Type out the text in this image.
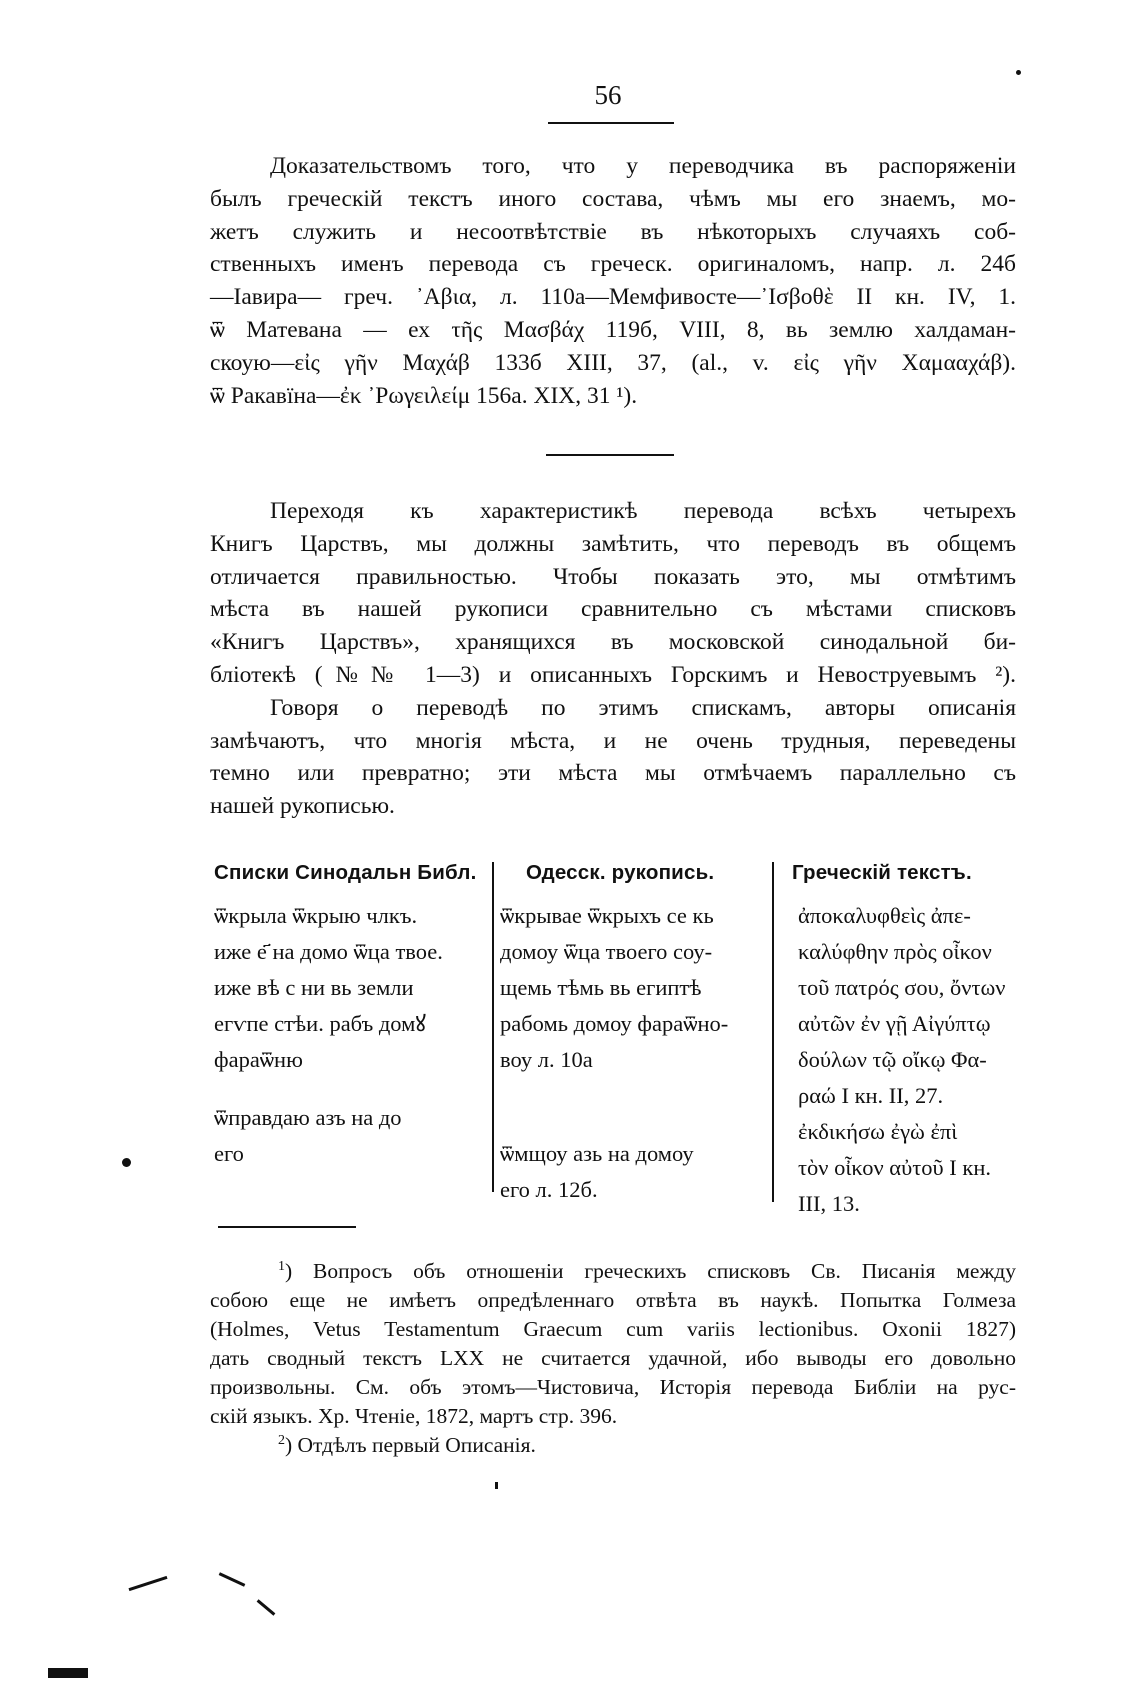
56
Доказательствомъ того, что у переводчика въ распоряженіи
былъ греческій текстъ иного состава, чѣмъ мы его знаемъ, мо-
жетъ служить и несоотвѣтствіе въ нѣкоторыхъ случаяхъ соб-
ственныхъ именъ перевода съ греческ. оригиналомъ, напр. л. 24б
—Іавира— греч. ᾿Αβια, л. 110а—Мемфивосте—᾿Ισβοθὲ II кн. IV, 1.
ѿ Матевана — ех τῆς Μασβάχ 119б, VIII, 8, вь землю халдаман-
скоую—εἰς γῆν Μαχάβ 133б XIII, 37, (al., v. εἰς γῆν Χαμααχάβ).
ѿ Ракавїна—ἐκ ᾿Ρωγειλείμ 156а. XIX, 31 ¹).
Переходя къ характеристикѣ перевода всѣхъ четырехъ
Книгъ Царствъ, мы должны замѣтить, что переводъ въ общемъ
отличается правильностью. Чтобы показать это, мы отмѣтимъ
мѣста въ нашей рукописи сравнительно съ мѣстами списковъ
«Книгъ Царствъ», хранящихся въ московской синодальной би-
бліотекѣ (№№ 1—3) и описанныхъ Горскимъ и Невоструевымъ ²).
Говоря о переводѣ по этимъ спискамъ, авторы описанія
замѣчаютъ, что многія мѣста, и не очень трудныя, переведены
темно или превратно; эти мѣста мы отмѣчаемъ параллельно съ
нашей рукописью.
Списки Синодальн Библ.
ѿкрыла ѿкрыю члкъ.
иже е҃ на домо ѿца твое.
иже вѣ с ни вь земли
егѵпе стѣи. рабъ домꙋ
фараѿню
ѿправдаю азъ на до
его
Одесск. рукопись.
ѿкрывае ѿкрыхъ се кь
домоу ѿца твоего соу-
щемь тѣмь вь египтѣ
рабомь домоу фараѿно-
воу л. 10а
ѿмщоу азь на домоу
его л. 12б.
Греческій текстъ.
ἀποκαλυφθεὶς ἀπε-
καλύφθην πρὸς οἶκον
τοῦ πατρός σου, ὄντων
αὐτῶν ἐν γῇ Αἰγύπτῳ
δούλων τῷ οἴκῳ Φα-
ραώ I кн. II, 27.
ἐκδικήσω ἐγὼ ἐπὶ
τὸν οἶκον αὐτοῦ I кн.
III, 13.
$^1$) Вопросъ объ отношеніи греческихъ списковъ Св. Писанія между
собою еще не имѣетъ опредѣленнаго отвѣта въ наукѣ. Попытка Голмеза
(Holmes, Vetus Testamentum Graecum cum variis lectionibus. Oxonii 1827)
дать сводный текстъ LXX не считается удачной, ибо выводы его довольно
произвольны. См. объ этомъ—Чистовича, Исторія перевода Библіи на рус-
скій языкъ. Хр. Чтеніе, 1872, мартъ стр. 396.
$^2$) Отдѣлъ первый Описанія.
